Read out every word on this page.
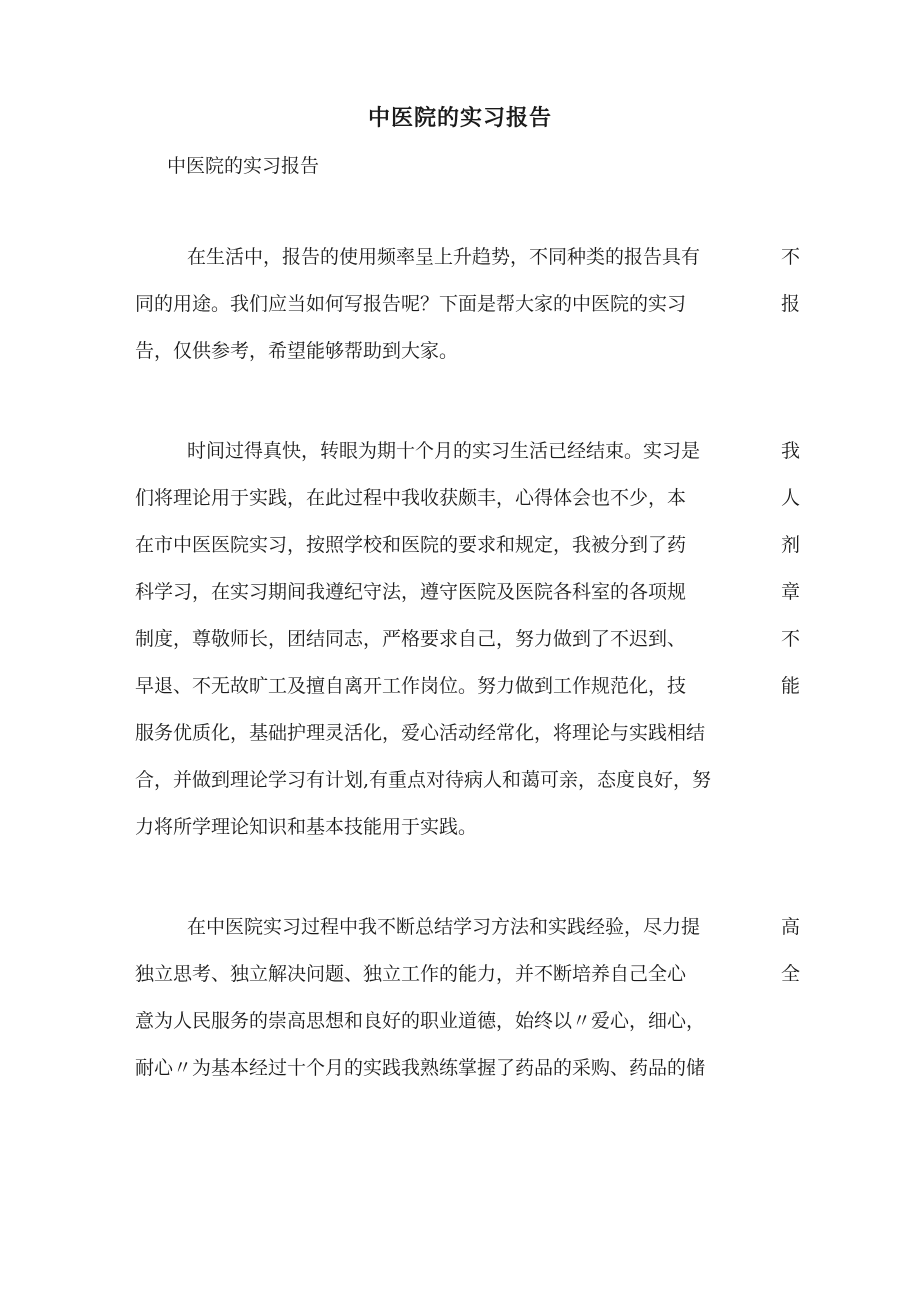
中医院的实习报告

中医院的实习报告

在生活中，报告的使用频率呈上升趋势，不同种类的报告具有	不
同的用途。我们应当如何写报告呢？下面是帮大家的中医院的实习	报
告，仅供参考，希望能够帮助到大家。
时间过得真快，转眼为期十个月的实习生活已经结束。实习是	我
们将理论用于实践，在此过程中我收获颇丰，心得体会也不少，本	人
在市中医医院实习，按照学校和医院的要求和规定，我被分到了药	剂
科学习，在实习期间我遵纪守法，遵守医院及医院各科室的各项规	章
制度，尊敬师长，团结同志，严格要求自己，努力做到了不迟到、	不
早退、不无故旷工及擅自离开工作岗位。努力做到工作规范化，技	能
服务优质化，基础护理灵活化，爱心活动经常化，将理论与实践相结
合，并做到理论学习有计划,有重点对待病人和蔼可亲，态度良好，努
力将所学理论知识和基本技能用于实践。
在中医院实习过程中我不断总结学习方法和实践经验，尽力提	高
独立思考、独立解决问题、独立工作的能力，并不断培养自己全心	全
意为人民服务的崇高思想和良好的职业道德，始终以〃爱心，细心，
耐心〃为基本经过十个月的实践我熟练掌握了药品的采购、药品的储
